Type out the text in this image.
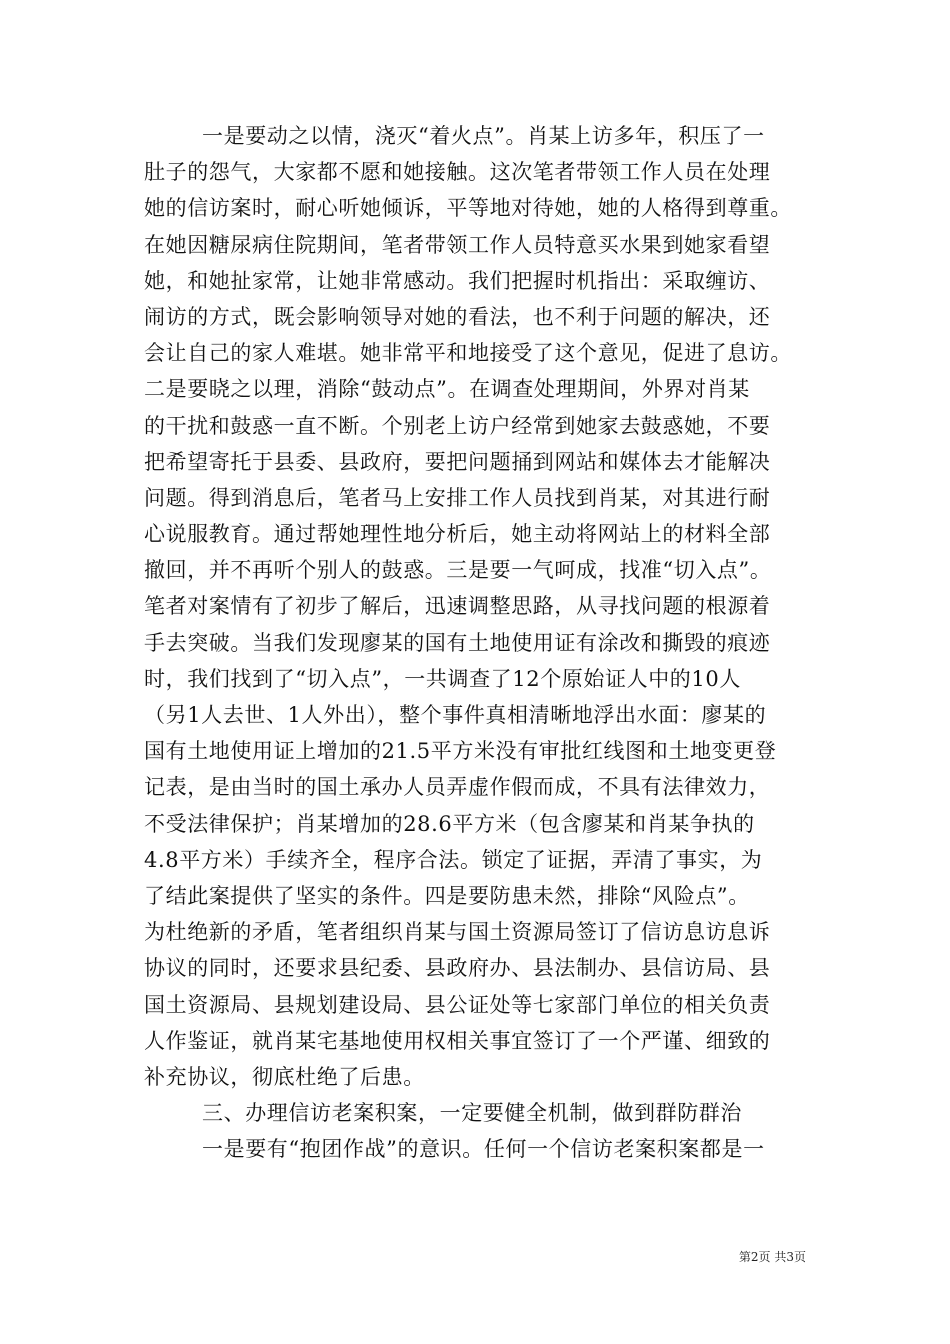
一是要动之以情，浇灭“着火点”。肖某上访多年，积压了一
肚子的怨气，大家都不愿和她接触。这次笔者带领工作人员在处理
她的信访案时，耐心听她倾诉，平等地对待她，她的人格得到尊重。
在她因糖尿病住院期间，笔者带领工作人员特意买水果到她家看望
她，和她扯家常，让她非常感动。我们把握时机指出：采取缠访、
闹访的方式，既会影响领导对她的看法，也不利于问题的解决，还
会让自己的家人难堪。她非常平和地接受了这个意见，促进了息访。
二是要晓之以理，消除“鼓动点”。在调查处理期间，外界对肖某
的干扰和鼓惑一直不断。个别老上访户经常到她家去鼓惑她，不要
把希望寄托于县委、县政府，要把问题捅到网站和媒体去才能解决
问题。得到消息后，笔者马上安排工作人员找到肖某，对其进行耐
心说服教育。通过帮她理性地分析后，她主动将网站上的材料全部
撤回，并不再听个别人的鼓惑。三是要一气呵成，找准“切入点”。
笔者对案情有了初步了解后，迅速调整思路，从寻找问题的根源着
手去突破。当我们发现廖某的国有土地使用证有涂改和撕毁的痕迹
时，我们找到了“切入点”，一共调查了12个原始证人中的10人
（另1人去世、1人外出），整个事件真相清晰地浮出水面：廖某的
国有土地使用证上增加的21.5平方米没有审批红线图和土地变更登
记表，是由当时的国土承办人员弄虚作假而成，不具有法律效力，
不受法律保护；肖某增加的28.6平方米（包含廖某和肖某争执的
4.8平方米）手续齐全，程序合法。锁定了证据，弄清了事实，为
了结此案提供了坚实的条件。四是要防患未然，排除“风险点”。
为杜绝新的矛盾，笔者组织肖某与国土资源局签订了信访息访息诉
协议的同时，还要求县纪委、县政府办、县法制办、县信访局、县
国土资源局、县规划建设局、县公证处等七家部门单位的相关负责
人作鉴证，就肖某宅基地使用权相关事宜签订了一个严谨、细致的
补充协议，彻底杜绝了后患。
三、办理信访老案积案，一定要健全机制，做到群防群治
一是要有“抱团作战”的意识。任何一个信访老案积案都是一
第2页 共3页
